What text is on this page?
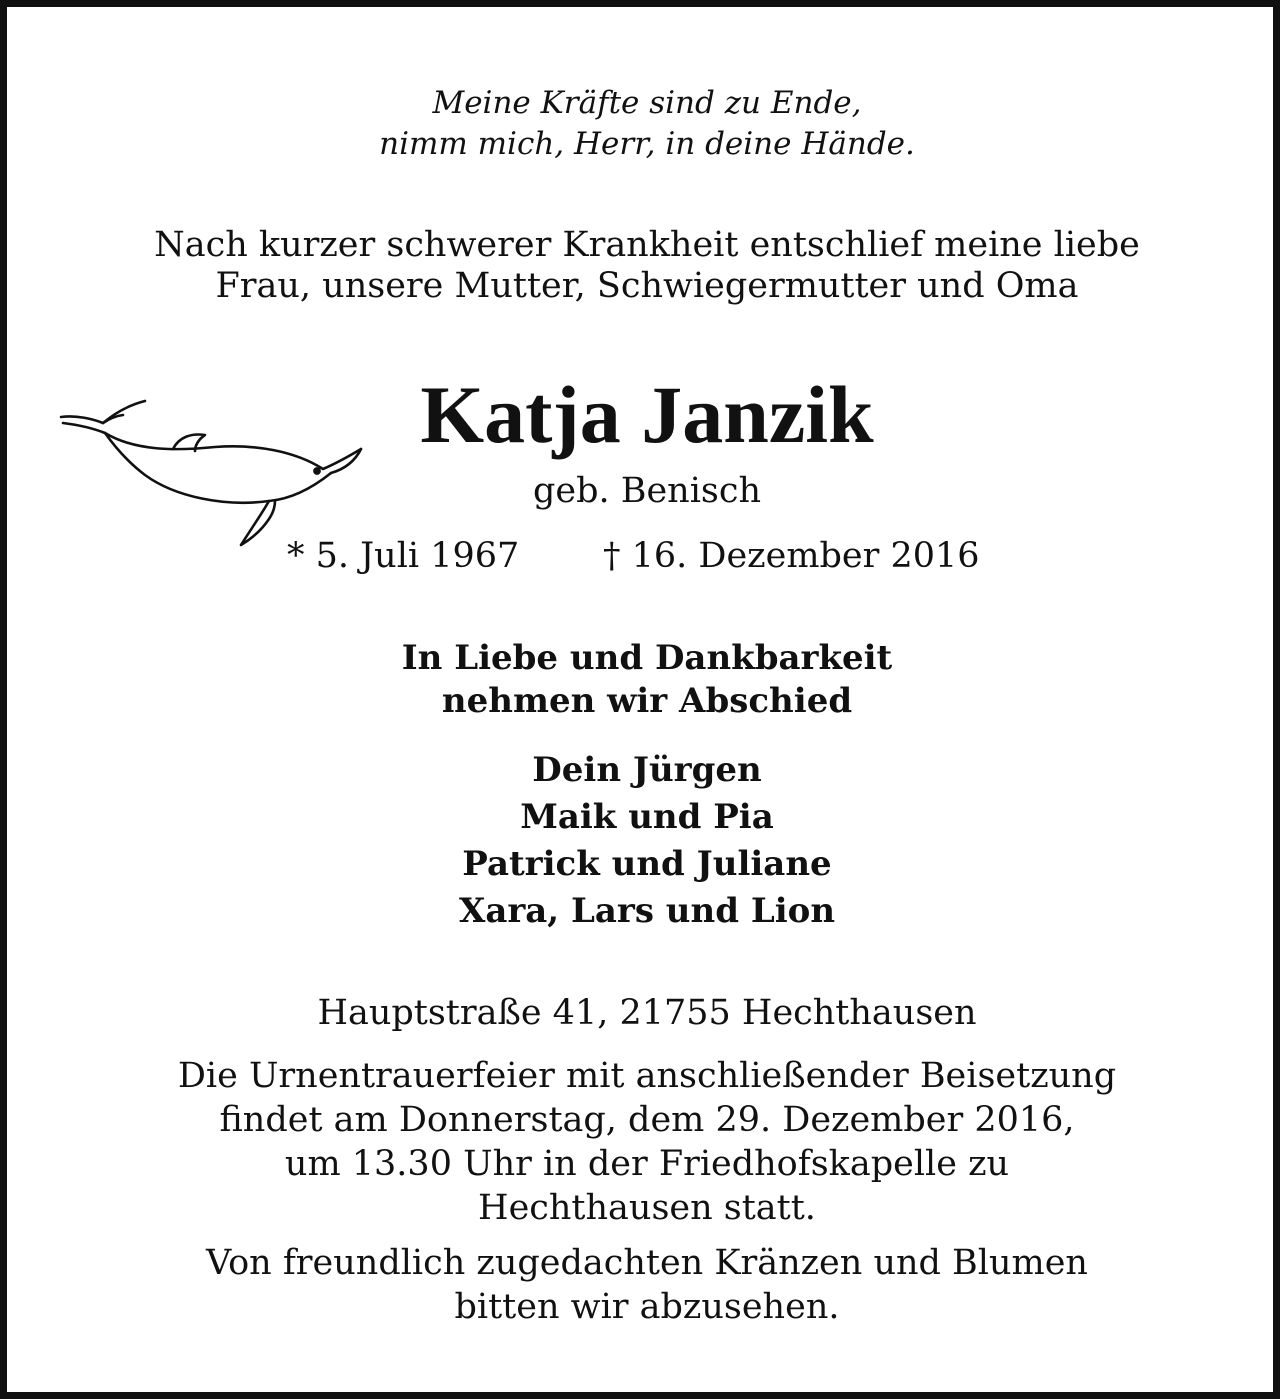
Meine Kräfte sind zu Ende,
nimm mich, Herr, in deine Hände.
Nach kurzer schwerer Krankheit entschlief meine liebe
Frau, unsere Mutter, Schwiegermutter und Oma
Katja Janzik
geb. Benisch
* 5. Juli 1967 † 16. Dezember 2016
In Liebe und Dankbarkeit
nehmen wir Abschied
Dein Jürgen
Maik und Pia
Patrick und Juliane
Xara, Lars und Lion
Hauptstraße 41, 21755 Hechthausen
Die Urnentrauerfeier mit anschließender Beisetzung
findet am Donnerstag, dem 29. Dezember 2016,
um 13.30 Uhr in der Friedhofskapelle zu
Hechthausen statt.
Von freundlich zugedachten Kränzen und Blumen
bitten wir abzusehen.
